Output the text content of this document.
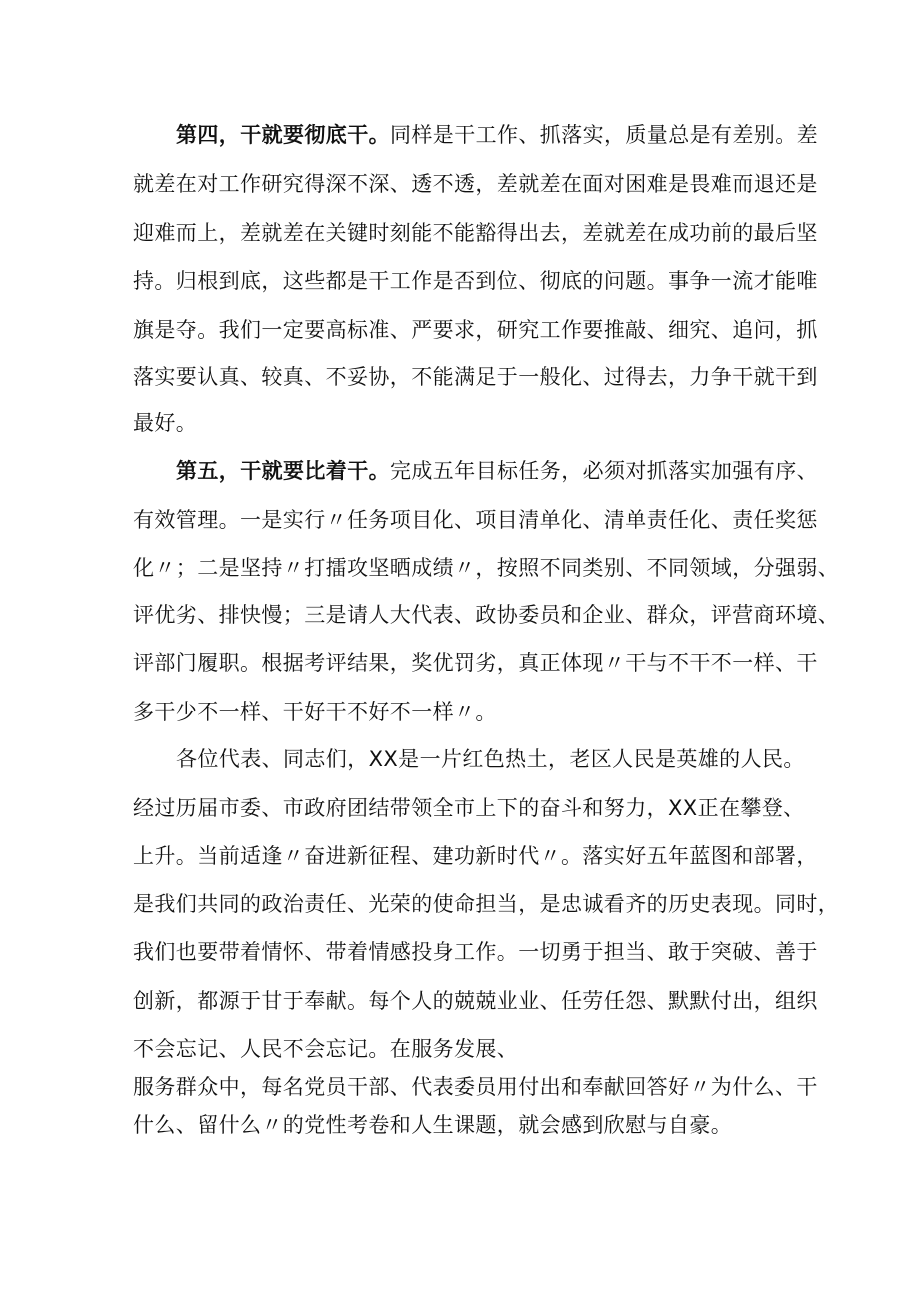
第四，干就要彻底干。同样是干工作、抓落实，质量总是有差别。差
就差在对工作研究得深不深、透不透，差就差在面对困难是畏难而退还是
迎难而上，差就差在关键时刻能不能豁得出去，差就差在成功前的最后坚
持。归根到底，这些都是干工作是否到位、彻底的问题。事争一流才能唯
旗是夺。我们一定要高标准、严要求，研究工作要推敲、细究、追问，抓
落实要认真、较真、不妥协，不能满足于一般化、过得去，力争干就干到
最好。
第五，干就要比着干。完成五年目标任务，必须对抓落实加强有序、
有效管理。一是实行〃任务项目化、项目清单化、清单责任化、责任奖惩
化〃；二是坚持〃打擂攻坚晒成绩〃，按照不同类别、不同领域，分强弱、
评优劣、排快慢；三是请人大代表、政协委员和企业、群众，评营商环境、
评部门履职。根据考评结果，奖优罚劣，真正体现〃干与不干不一样、干
多干少不一样、干好干不好不一样〃。
各位代表、同志们，XX是一片红色热土，老区人民是英雄的人民。
经过历届市委、市政府团结带领全市上下的奋斗和努力，XX正在攀登、
上升。当前适逢〃奋进新征程、建功新时代〃。落实好五年蓝图和部署，
是我们共同的政治责任、光荣的使命担当，是忠诚看齐的历史表现。同时，
我们也要带着情怀、带着情感投身工作。一切勇于担当、敢于突破、善于
创新，都源于甘于奉献。每个人的兢兢业业、任劳任怨、默默付出，组织
不会忘记、人民不会忘记。在服务发展、
服务群众中，每名党员干部、代表委员用付出和奉献回答好〃为什么、干
什么、留什么〃的党性考卷和人生课题，就会感到欣慰与自豪。
